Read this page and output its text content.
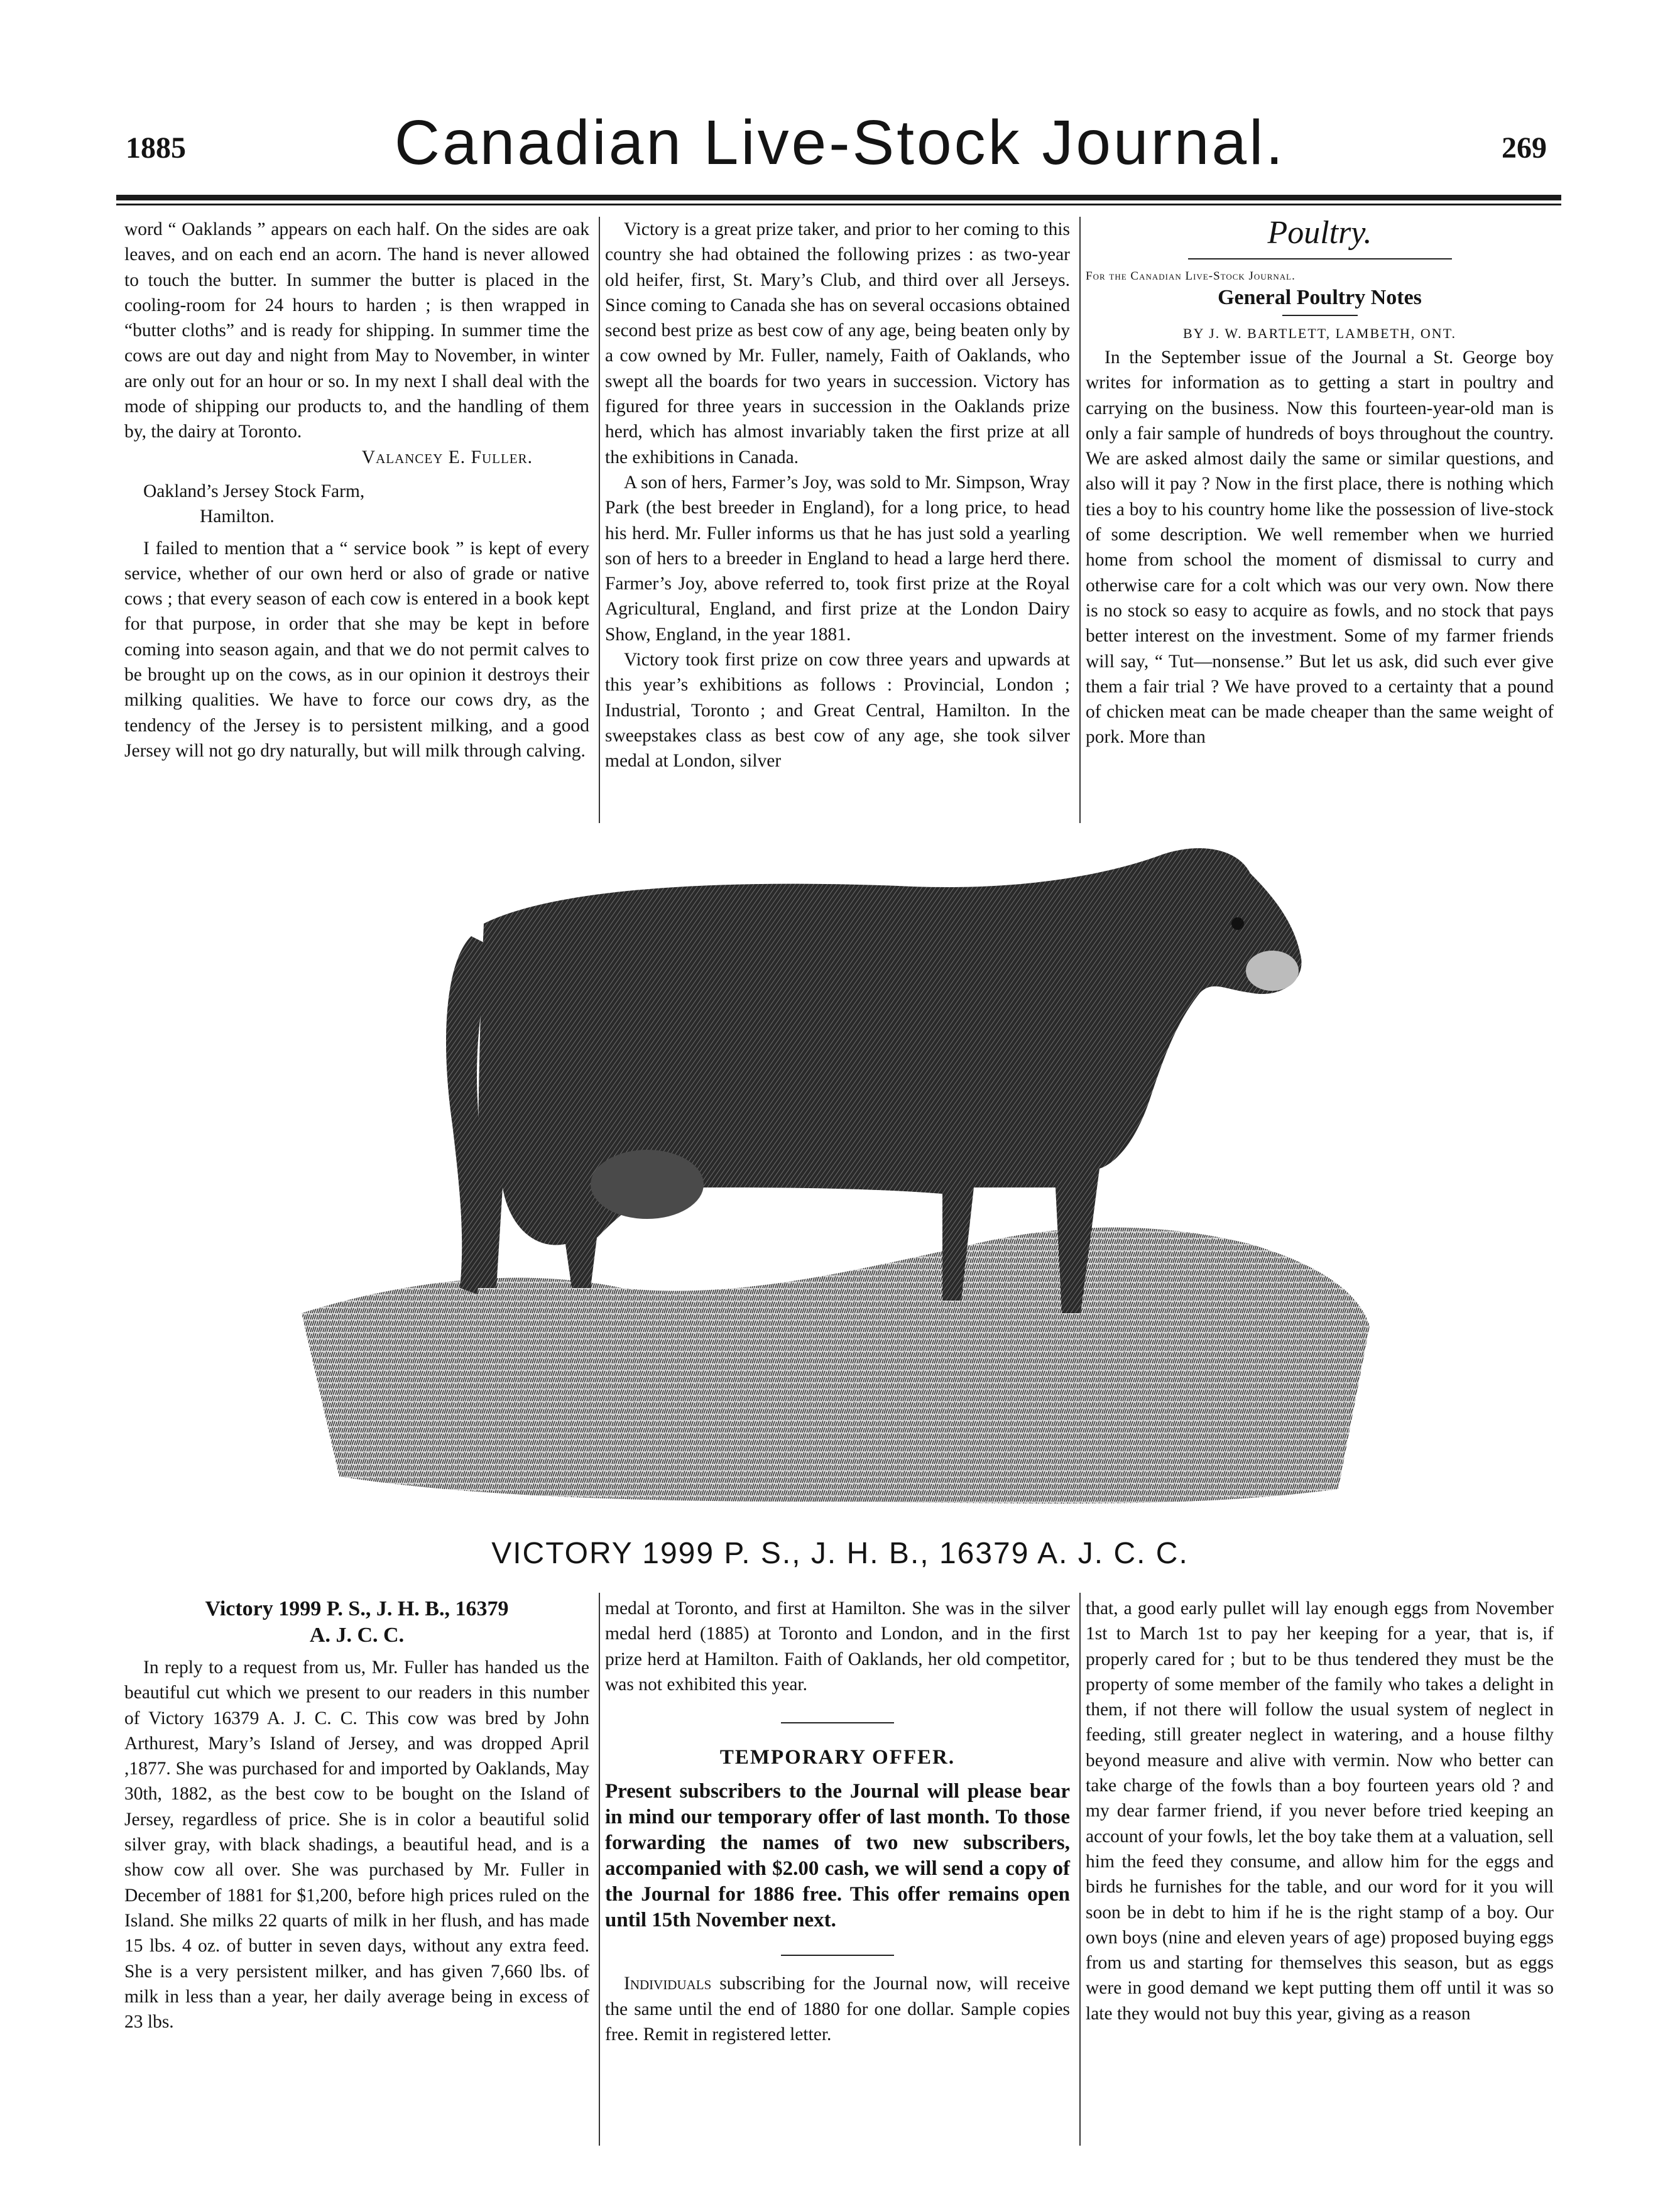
1885	Canadian Live-Stock Journal.	269

word “ Oaklands ” appears on each half. On the sides are oak leaves, and on each end an acorn. The hand is never allowed to touch the butter. In summer the butter is placed in the cooling-room for 24 hours to harden ; is then wrapped in “butter cloths” and is ready for shipping. In summer time the cows are out day and night from May to November, in winter are only out for an hour or so. In my next I shall deal with the mode of shipping our products to, and the handling of them by, the dairy at Toronto.

Valancey E. Fuller.
Oakland’s Jersey Stock Farm,
Hamilton.

I failed to mention that a “ service book ” is kept of every service, whether of our own herd or also of grade or native cows ; that every season of each cow is entered in a book kept for that purpose, in order that she may be kept in before coming into season again, and that we do not permit calves to be brought up on the cows, as in our opinion it destroys their milking qualities. We have to force our cows dry, as the tendency of the Jersey is to persistent milking, and a good Jersey will not go dry naturally, but will milk through calving.

Victory is a great prize taker, and prior to her coming to this country she had obtained the following prizes : as two-year old heifer, first, St. Mary’s Club, and third over all Jerseys. Since coming to Canada she has on several occasions obtained second best prize as best cow of any age, being beaten only by a cow owned by Mr. Fuller, namely, Faith of Oaklands, who swept all the boards for two years in succession. Victory has figured for three years in succession in the Oaklands prize herd, which has almost invariably taken the first prize at all the exhibitions in Canada.

A son of hers, Farmer’s Joy, was sold to Mr. Simpson, Wray Park (the best breeder in England), for a long price, to head his herd. Mr. Fuller informs us that he has just sold a yearling son of hers to a breeder in England to head a large herd there. Farmer’s Joy, above referred to, took first prize at the Royal Agricultural, England, and first prize at the London Dairy Show, England, in the year 1881.

Victory took first prize on cow three years and upwards at this year’s exhibitions as follows : Provincial, London ; Industrial, Toronto ; and Great Central, Hamilton. In the sweepstakes class as best cow of any age, she took silver medal at London, silver

Poultry.
For the Canadian Live-Stock Journal.
General Poultry Notes
BY J. W. BARTLETT, LAMBETH, ONT.

In the September issue of the Journal a St. George boy writes for information as to getting a start in poultry and carrying on the business. Now this fourteen-year-old man is only a fair sample of hundreds of boys throughout the country. We are asked almost daily the same or similar questions, and also will it pay ? Now in the first place, there is nothing which ties a boy to his country home like the possession of live-stock of some description. We well remember when we hurried home from school the moment of dismissal to curry and otherwise care for a colt which was our very own. Now there is no stock so easy to acquire as fowls, and no stock that pays better interest on the investment. Some of my farmer friends will say, “ Tut—nonsense.” But let us ask, did such ever give them a fair trial ? We have proved to a certainty that a pound of chicken meat can be made cheaper than the same weight of pork. More than

VICTORY 1999 P. S., J. H. B., 16379 A. J. C. C.
Victory 1999 P. S., J. H. B., 16379
A. J. C. C.

In reply to a request from us, Mr. Fuller has handed us the beautiful cut which we present to our readers in this number of Victory 16379 A. J. C. C. This cow was bred by John Arthurest, Mary’s Island of Jersey, and was dropped April ,1877. She was purchased for and imported by Oaklands, May 30th, 1882, as the best cow to be bought on the Island of Jersey, regardless of price. She is in color a beautiful solid silver gray, with black shadings, a beautiful head, and is a show cow all over. She was purchased by Mr. Fuller in December of 1881 for $1,200, before high prices ruled on the Island. She milks 22 quarts of milk in her flush, and has made 15 lbs. 4 oz. of butter in seven days, without any extra feed. She is a very persistent milker, and has given 7,660 lbs. of milk in less than a year, her daily average being in excess of 23 lbs.

medal at Toronto, and first at Hamilton. She was in the silver medal herd (1885) at Toronto and London, and in the first prize herd at Hamilton. Faith of Oaklands, her old competitor, was not exhibited this year.

TEMPORARY OFFER.
Present subscribers to the Journal will please bear in mind our temporary offer of last month. To those forwarding the names of two new subscribers, accompanied with $2.00 cash, we will send a copy of the Journal for 1886 free. This offer remains open until 15th November next.

Individuals subscribing for the Journal now, will receive the same until the end of 1880 for one dollar. Sample copies free. Remit in registered letter.

that, a good early pullet will lay enough eggs from November 1st to March 1st to pay her keeping for a year, that is, if properly cared for ; but to be thus tendered they must be the property of some member of the family who takes a delight in them, if not there will follow the usual system of neglect in feeding, still greater neglect in watering, and a house filthy beyond measure and alive with vermin. Now who better can take charge of the fowls than a boy fourteen years old ? and my dear farmer friend, if you never before tried keeping an account of your fowls, let the boy take them at a valuation, sell him the feed they consume, and allow him for the eggs and birds he furnishes for the table, and our word for it you will soon be in debt to him if he is the right stamp of a boy. Our own boys (nine and eleven years of age) proposed buying eggs from us and starting for themselves this season, but as eggs were in good demand we kept putting them off until it was so late they would not buy this year, giving as a reason
